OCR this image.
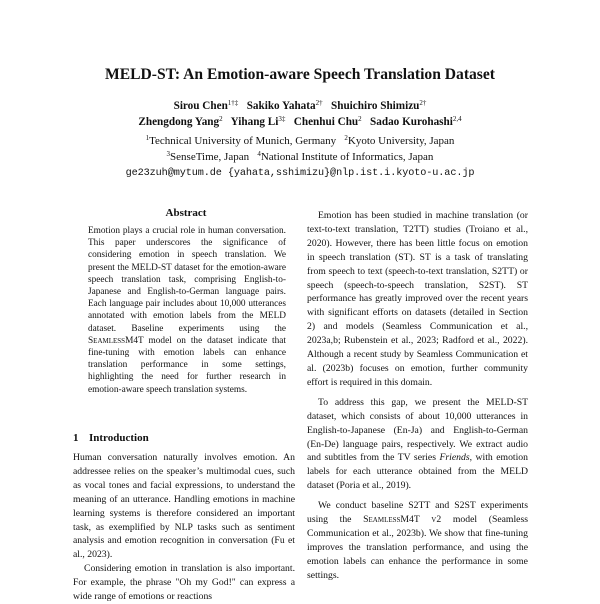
MELD-ST: An Emotion-aware Speech Translation Dataset
Sirou Chen$^{1\dagger\ddagger}$ Sakiko Yahata$^{2\dagger}$ Shuichiro Shimizu$^{2\dagger}$
Zhengdong Yang$^2$ Yihang $Li^{3\ddagger}$ Chenhui Chu$^2$ Sadao Kurohashi$^{2,4}$
$^1$Technical University of Munich, Germany $^2$Kyoto University, Japan
$^3$SenseTime, Japan $^4$National Institute of Informatics, Japan
ge23zuh@mytum.de {yahata,sshimizu}@nlp.ist.i.kyoto-u.ac.jp
Abstract
Emotion plays a crucial role in human conversation. This paper underscores the significance of considering emotion in speech translation. We present the MELD-ST dataset for the emotion-aware speech translation task, comprising English-to-Japanese and English-to-German language pairs. Each language pair includes about 10,000 utterances annotated with emotion labels from the MELD dataset. Baseline experiments using the SeamlessM4T model on the dataset indicate that fine-tuning with emotion labels can enhance translation performance in some settings, highlighting the need for further research in emotion-aware speech translation systems.
1 Introduction

Human conversation naturally involves emotion. An addressee relies on the speaker’s multimodal cues, such as vocal tones and facial expressions, to understand the meaning of an utterance. Handling emotions in machine learning systems is therefore considered an important task, as exemplified by NLP tasks such as sentiment analysis and emotion recognition in conversation (Fu et al., 2023).

Considering emotion in translation is also important. For example, the phrase "Oh my God!" can express a wide range of emotions or reactions

Emotion has been studied in machine translation (or text-to-text translation, T2TT) studies (Troiano et al., 2020). However, there has been little focus on emotion in speech translation (ST). ST is a task of translating from speech to text (speech-to-text translation, S2TT) or speech (speech-to-speech translation, S2ST). ST performance has greatly improved over the recent years with significant efforts on datasets (detailed in Section 2) and models (Seamless Communication et al., 2023a,b; Rubenstein et al., 2023; Radford et al., 2022). Although a recent study by Seamless Communication et al. (2023b) focuses on emotion, further community effort is required in this domain.

To address this gap, we present the MELD-ST dataset, which consists of about 10,000 utterances in English-to-Japanese (En-Ja) and English-to-German (En-De) language pairs, respectively. We extract audio and subtitles from the TV series Friends, with emotion labels for each utterance obtained from the MELD dataset (Poria et al., 2019).

We conduct baseline S2TT and S2ST experiments using the SeamlessM4T v2 model (Seamless Communication et al., 2023b). We show that fine-tuning improves the translation performance, and using the emotion labels can enhance the performance in some settings.
